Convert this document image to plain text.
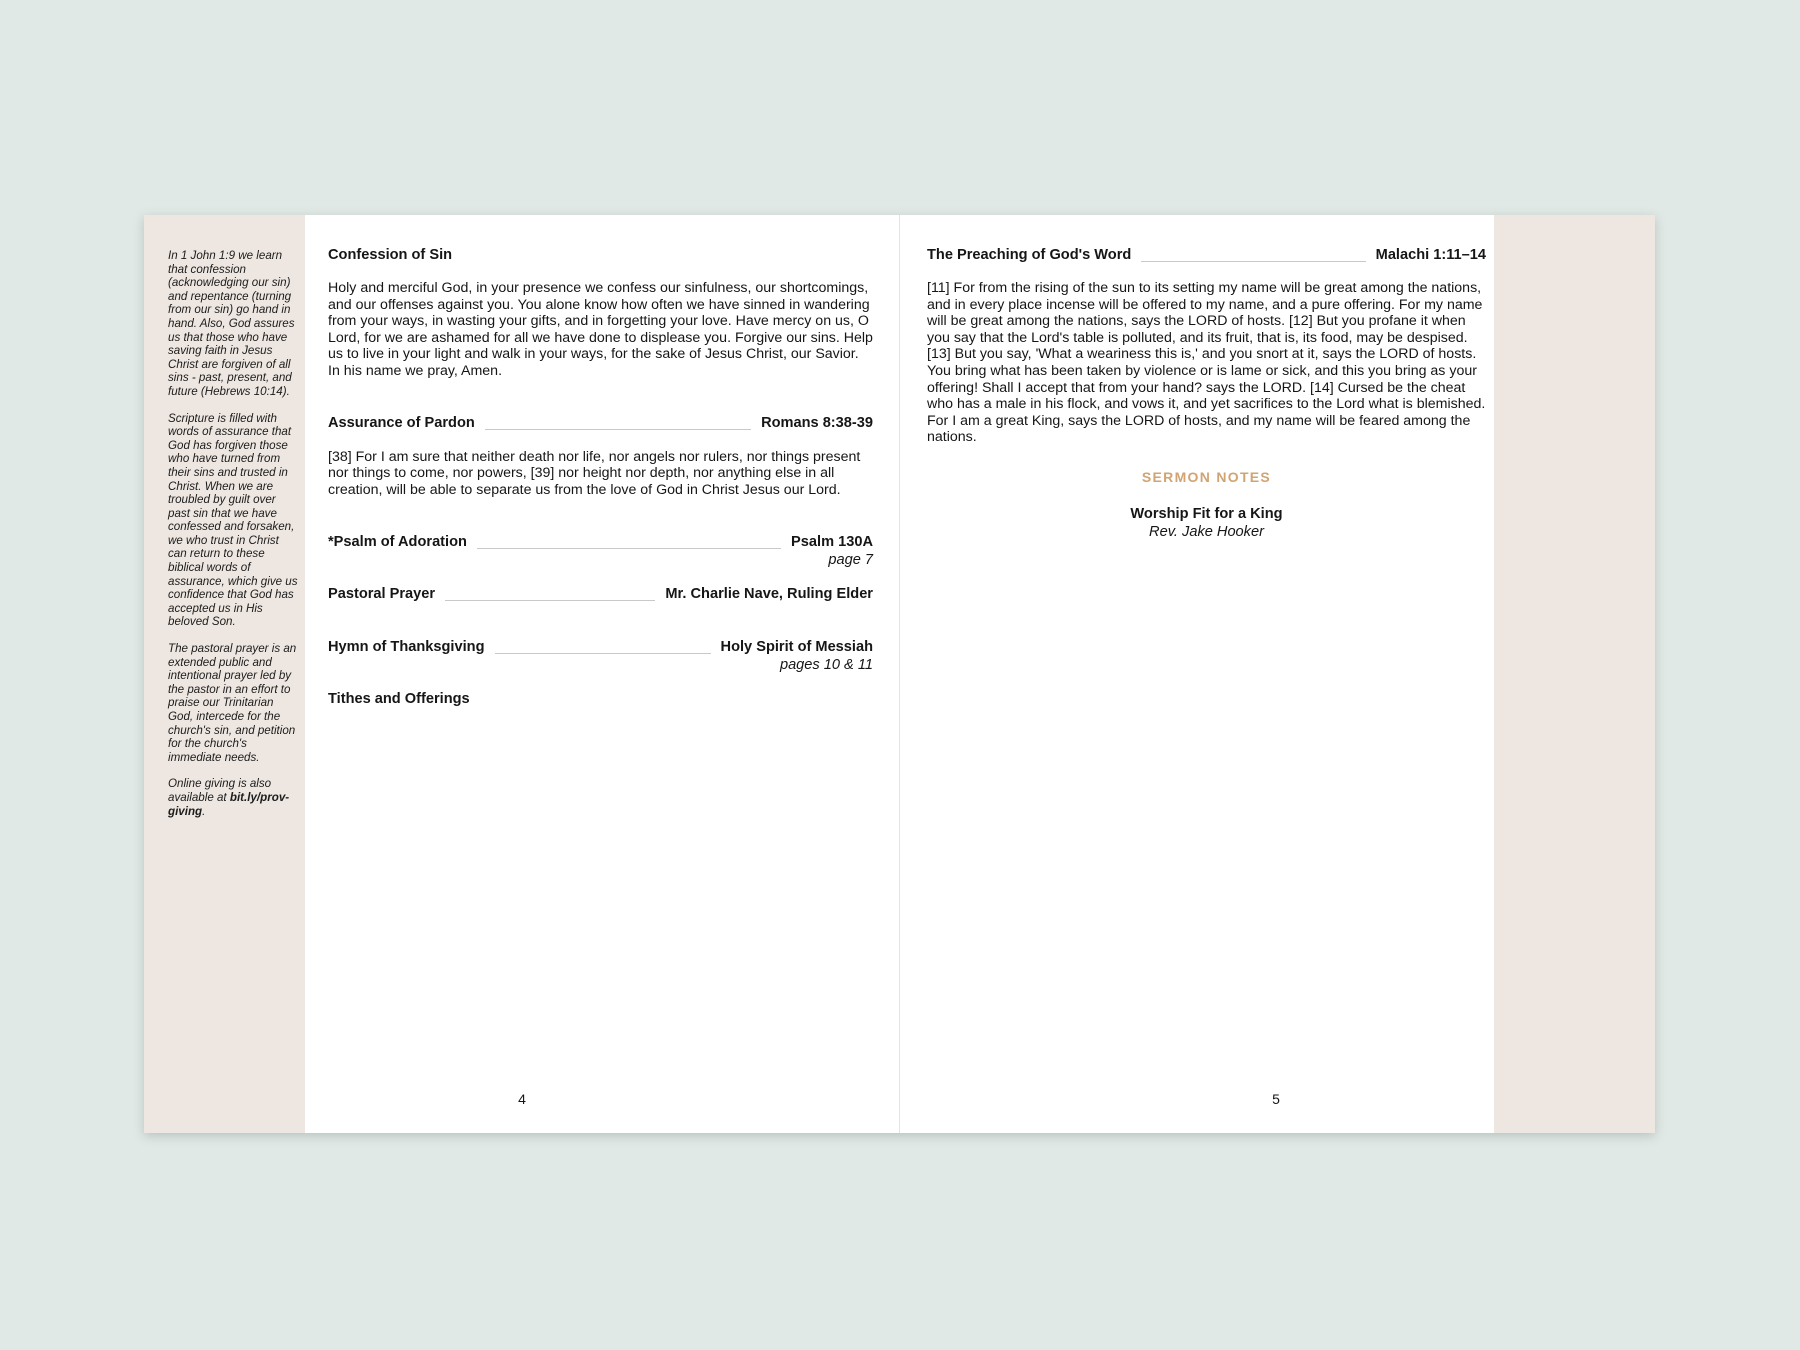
In 1 John 1:9 we learn that confession (acknowledging our sin) and repentance (turning from our sin) go hand in hand. Also, God assures us that those who have saving faith in Jesus Christ are forgiven of all sins - past, present, and future (Hebrews 10:14).

Scripture is filled with words of assurance that God has forgiven those who have turned from their sins and trusted in Christ. When we are troubled by guilt over past sin that we have confessed and forsaken, we who trust in Christ can return to these biblical words of assurance, which give us confidence that God has accepted us in His beloved Son.

The pastoral prayer is an extended public and intentional prayer led by the pastor in an effort to praise our Trinitarian God, intercede for the church's sin, and petition for the church's immediate needs.

Online giving is also available at bit.ly/prov-giving.

Confession of Sin

Holy and merciful God, in your presence we confess our sinfulness, our shortcomings, and our offenses against you. You alone know how often we have sinned in wandering from your ways, in wasting your gifts, and in forgetting your love. Have mercy on us, O Lord, for we are ashamed for all we have done to displease you. Forgive our sins. Help us to live in your light and walk in your ways, for the sake of Jesus Christ, our Savior. In his name we pray, Amen.

Assurance of Pardon	Romans 8:38-39

[38] For I am sure that neither death nor life, nor angels nor rulers, nor things present nor things to come, nor powers, [39] nor height nor depth, nor anything else in all creation, will be able to separate us from the love of God in Christ Jesus our Lord.

*Psalm of Adoration	Psalm 130A
page 7
Pastoral Prayer	Mr. Charlie Nave, Ruling Elder
Hymn of Thanksgiving	Holy Spirit of Messiah
pages 10 & 11
Tithes and Offerings
4
The Preaching of God's Word	Malachi 1:11–14

[11] For from the rising of the sun to its setting my name will be great among the nations, and in every place incense will be offered to my name, and a pure offering. For my name will be great among the nations, says the LORD of hosts. [12] But you profane it when you say that the Lord's table is polluted, and its fruit, that is, its food, may be despised. [13] But you say, 'What a weariness this is,' and you snort at it, says the LORD of hosts. You bring what has been taken by violence or is lame or sick, and this you bring as your offering! Shall I accept that from your hand? says the LORD. [14] Cursed be the cheat who has a male in his flock, and vows it, and yet sacrifices to the Lord what is blemished. For I am a great King, says the LORD of hosts, and my name will be feared among the nations.

SERMON NOTES
Worship Fit for a King
Rev. Jake Hooker
5
